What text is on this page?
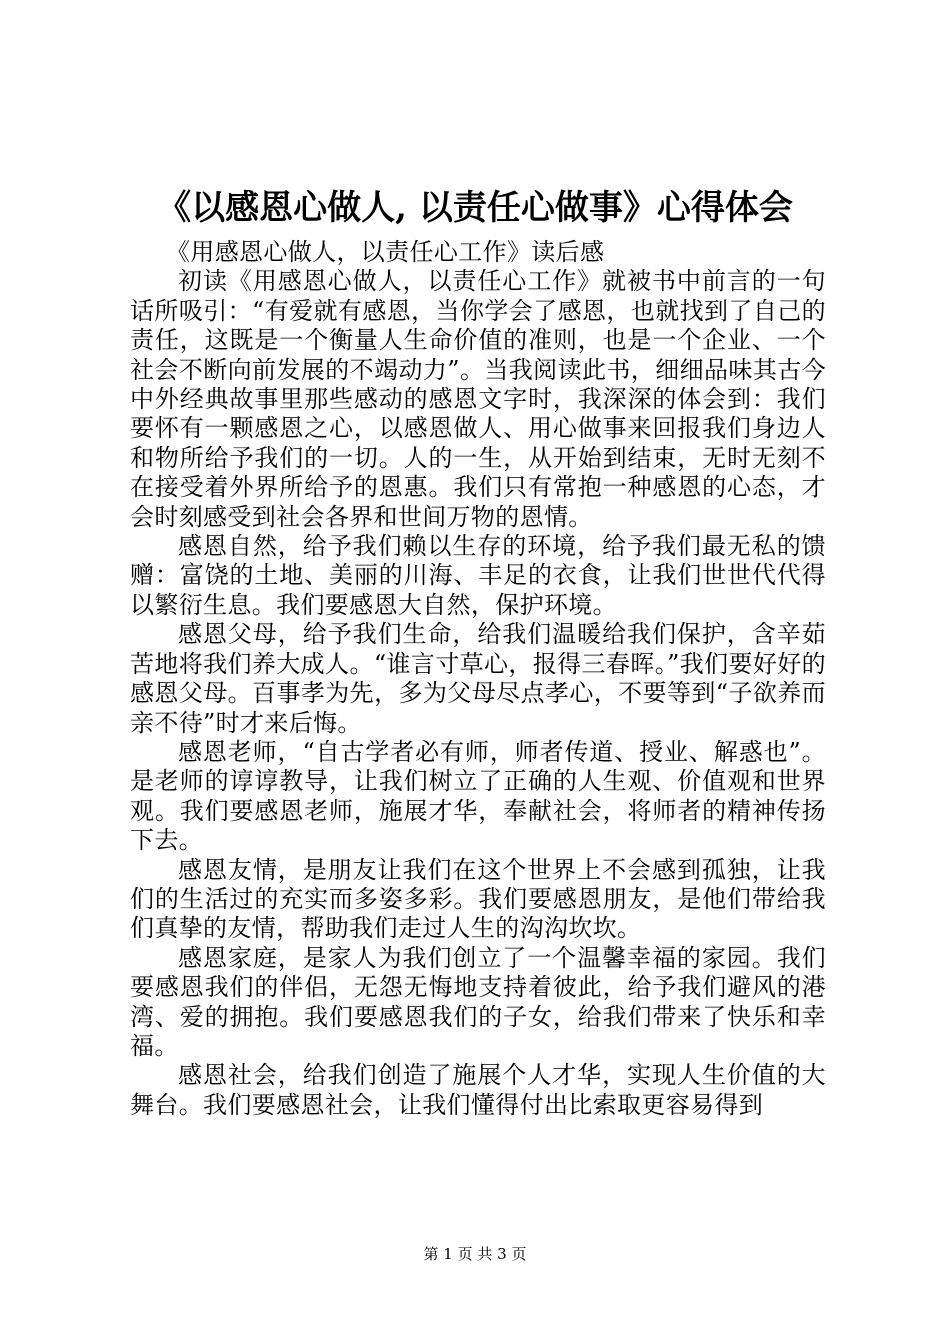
《以感恩心做人, 以责任心做事》心得体会

《用感恩心做人，以责任心工作》读后感

初读《用感恩心做人，以责任心工作》就被书中前言的一句话所吸引：“有爱就有感恩，当你学会了感恩，也就找到了自己的责任，这既是一个衡量人生命价值的准则，也是一个企业、一个社会不断向前发展的不竭动力”。当我阅读此书，细细品味其古今中外经典故事里那些感动的感恩文字时，我深深的体会到：我们要怀有一颗感恩之心，以感恩做人、用心做事来回报我们身边人和物所给予我们的一切。人的一生，从开始到结束，无时无刻不在接受着外界所给予的恩惠。我们只有常抱一种感恩的心态，才会时刻感受到社会各界和世间万物的恩情。

感恩自然，给予我们赖以生存的环境，给予我们最无私的馈赠：富饶的土地、美丽的川海、丰足的衣食，让我们世世代代得以繁衍生息。我们要感恩大自然，保护环境。

感恩父母，给予我们生命，给我们温暖给我们保护，含辛茹苦地将我们养大成人。“谁言寸草心，报得三春晖。”我们要好好的感恩父母。百事孝为先，多为父母尽点孝心，不要等到“子欲养而亲不待”时才来后悔。

感恩老师，“自古学者必有师，师者传道、授业、解惑也”。是老师的谆谆教导，让我们树立了正确的人生观、价值观和世界观。我们要感恩老师，施展才华，奉献社会，将师者的精神传扬下去。

感恩友情，是朋友让我们在这个世界上不会感到孤独，让我们的生活过的充实而多姿多彩。我们要感恩朋友，是他们带给我们真挚的友情，帮助我们走过人生的沟沟坎坎。

感恩家庭，是家人为我们创立了一个温馨幸福的家园。我们要感恩我们的伴侣，无怨无悔地支持着彼此，给予我们避风的港湾、爱的拥抱。我们要感恩我们的子女，给我们带来了快乐和幸福。

感恩社会，给我们创造了施展个人才华，实现人生价值的大舞台。我们要感恩社会，让我们懂得付出比索取更容易得到

第 1 页 共 3 页
